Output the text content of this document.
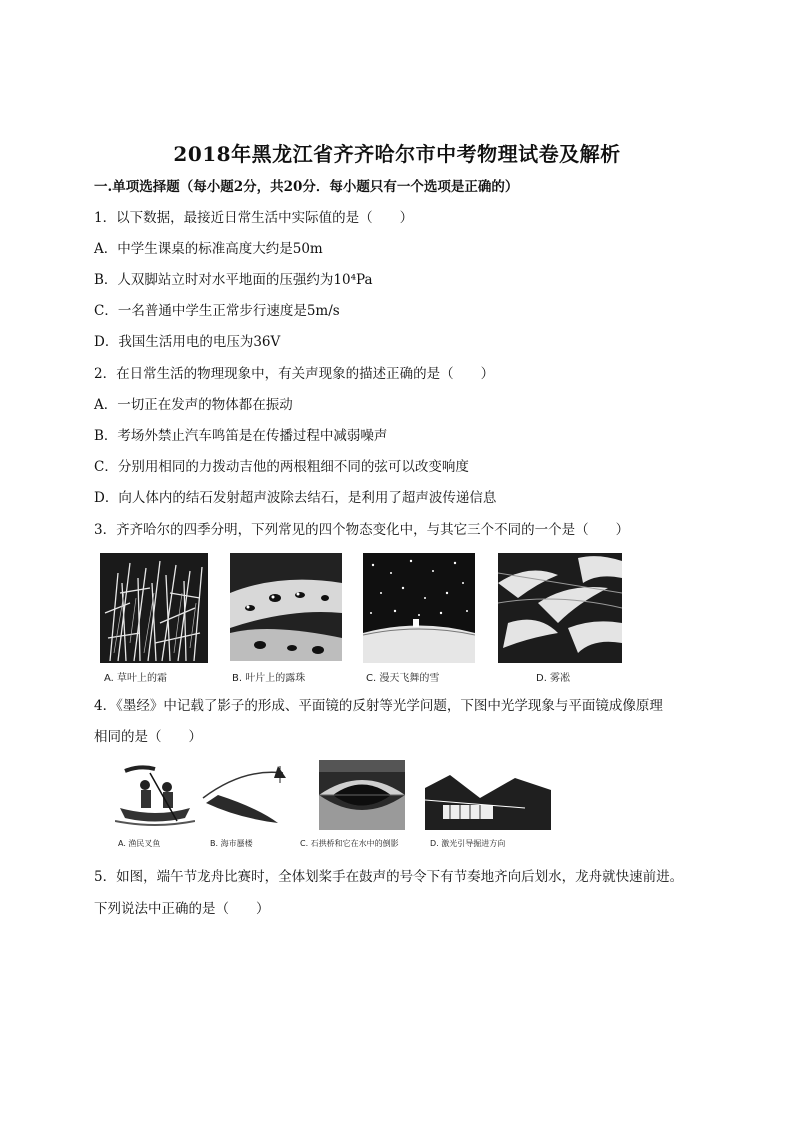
2018年黑龙江省齐齐哈尔市中考物理试卷及解析
一.单项选择题（每小题2分，共20分．每小题只有一个选项是正确的）
1．以下数据，最接近日常生活中实际值的是（　　）
A．中学生课桌的标准高度大约是50m
B．人双脚站立时对水平地面的压强约为10⁴Pa
C．一名普通中学生正常步行速度是5m/s
D．我国生活用电的电压为36V
2．在日常生活的物理现象中，有关声现象的描述正确的是（　　）
A．一切正在发声的物体都在振动
B．考场外禁止汽车鸣笛是在传播过程中减弱噪声
C．分别用相同的力拨动吉他的两根粗细不同的弦可以改变响度
D．向人体内的结石发射超声波除去结石，是利用了超声波传递信息
3．齐齐哈尔的四季分明，下列常见的四个物态变化中，与其它三个不同的一个是（　　）
A. 草叶上的霜	B. 叶片上的露珠	C. 漫天飞舞的雪	D. 雾凇
4．《墨经》中记载了影子的形成、平面镜的反射等光学问题，下图中光学现象与平面镜成像原理
相同的是（　　）
A. 渔民叉鱼	B. 海市蜃楼	C. 石拱桥和它在水中的倒影	D. 激光引导掘进方向
5．如图，端午节龙舟比赛时，全体划桨手在鼓声的号令下有节奏地齐向后划水，龙舟就快速前进。
下列说法中正确的是（　　）
